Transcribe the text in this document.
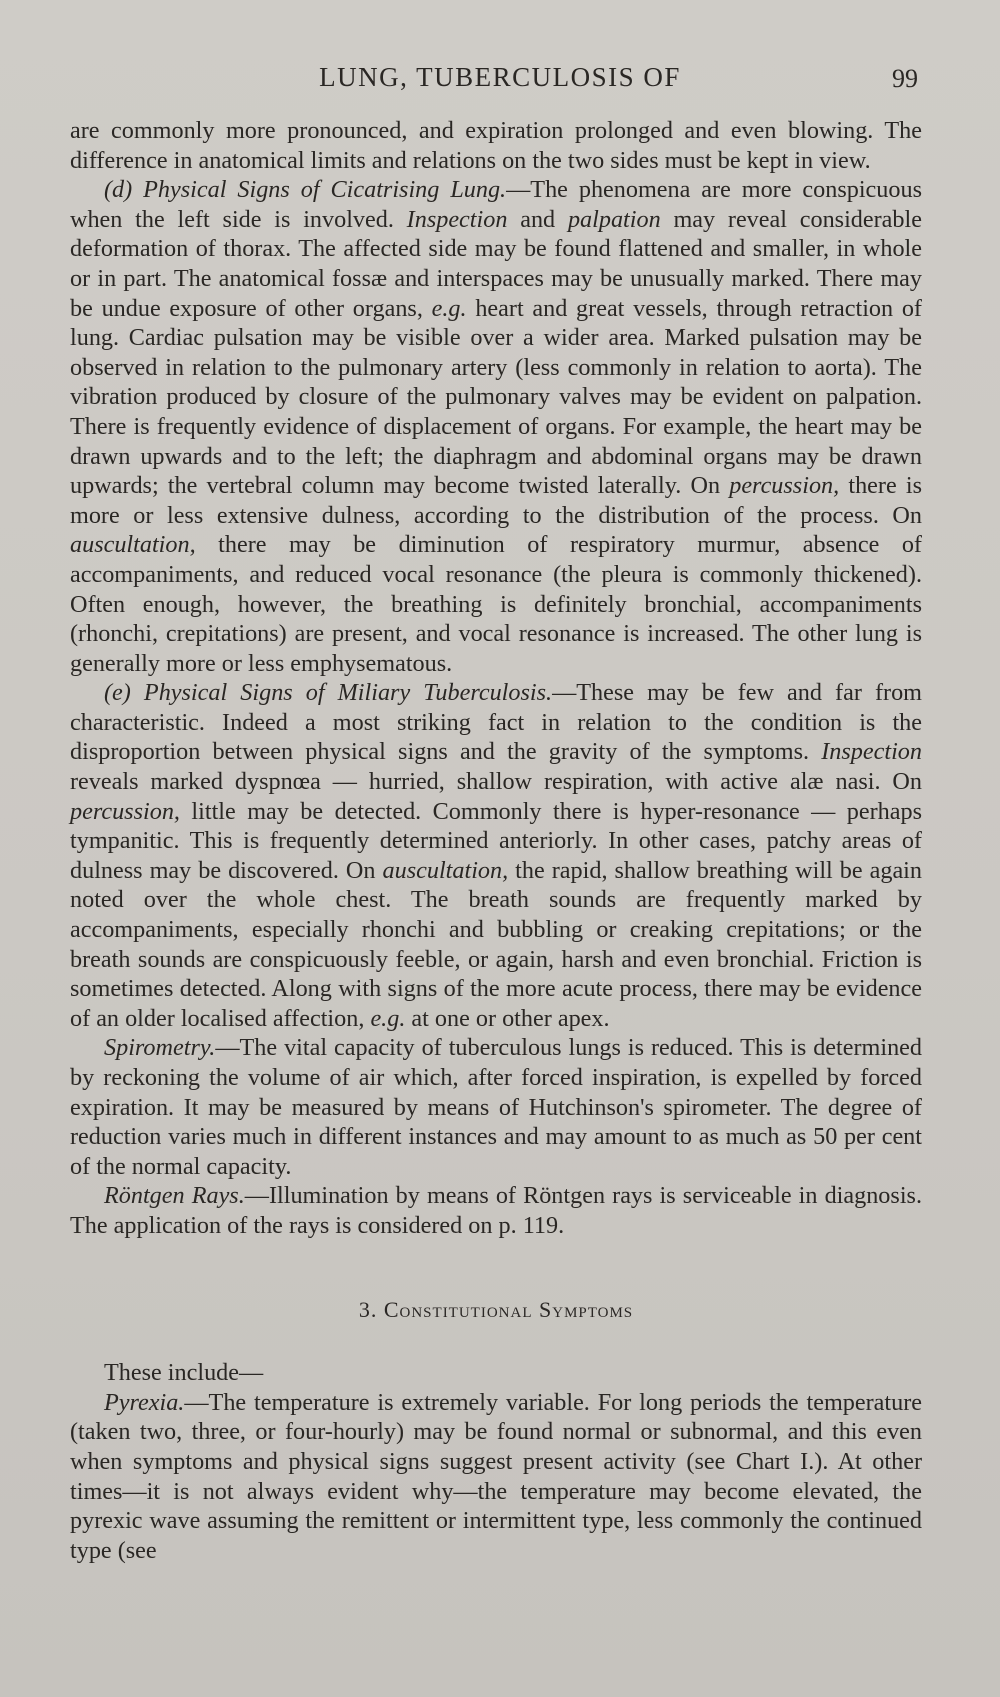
LUNG, TUBERCULOSIS OF	99

are commonly more pronounced, and expiration prolonged and even blowing. The difference in anatomical limits and relations on the two sides must be kept in view.

(d) Physical Signs of Cicatrising Lung.—The phenomena are more conspicuous when the left side is involved. Inspection and palpation may reveal considerable deformation of thorax. The affected side may be found flattened and smaller, in whole or in part. The anatomical fossæ and interspaces may be unusually marked. There may be undue exposure of other organs, e.g. heart and great vessels, through retraction of lung. Cardiac pulsation may be visible over a wider area. Marked pulsation may be observed in relation to the pulmonary artery (less commonly in relation to aorta). The vibration produced by closure of the pulmonary valves may be evident on palpation. There is frequently evidence of displacement of organs. For example, the heart may be drawn upwards and to the left; the diaphragm and abdominal organs may be drawn upwards; the vertebral column may become twisted laterally. On percussion, there is more or less extensive dulness, according to the distribution of the process. On auscultation, there may be diminution of respiratory murmur, absence of accompaniments, and reduced vocal resonance (the pleura is commonly thickened). Often enough, however, the breathing is definitely bronchial, accompaniments (rhonchi, crepitations) are present, and vocal resonance is increased. The other lung is generally more or less emphysematous.

(e) Physical Signs of Miliary Tuberculosis.—These may be few and far from characteristic. Indeed a most striking fact in relation to the condition is the disproportion between physical signs and the gravity of the symptoms. Inspection reveals marked dyspnœa — hurried, shallow respiration, with active alæ nasi. On percussion, little may be detected. Commonly there is hyper-resonance — perhaps tympanitic. This is frequently determined anteriorly. In other cases, patchy areas of dulness may be discovered. On auscultation, the rapid, shallow breathing will be again noted over the whole chest. The breath sounds are frequently marked by accompaniments, especially rhonchi and bubbling or creaking crepitations; or the breath sounds are conspicuously feeble, or again, harsh and even bronchial. Friction is sometimes detected. Along with signs of the more acute process, there may be evidence of an older localised affection, e.g. at one or other apex.

Spirometry.—The vital capacity of tuberculous lungs is reduced. This is determined by reckoning the volume of air which, after forced inspiration, is expelled by forced expiration. It may be measured by means of Hutchinson's spirometer. The degree of reduction varies much in different instances and may amount to as much as 50 per cent of the normal capacity.

Röntgen Rays.—Illumination by means of Röntgen rays is serviceable in diagnosis. The application of the rays is considered on p. 119.

3. Constitutional Symptoms

These include—

Pyrexia.—The temperature is extremely variable. For long periods the temperature (taken two, three, or four-hourly) may be found normal or subnormal, and this even when symptoms and physical signs suggest present activity (see Chart I.). At other times—it is not always evident why—the temperature may become elevated, the pyrexic wave assuming the remittent or intermittent type, less commonly the continued type (see
